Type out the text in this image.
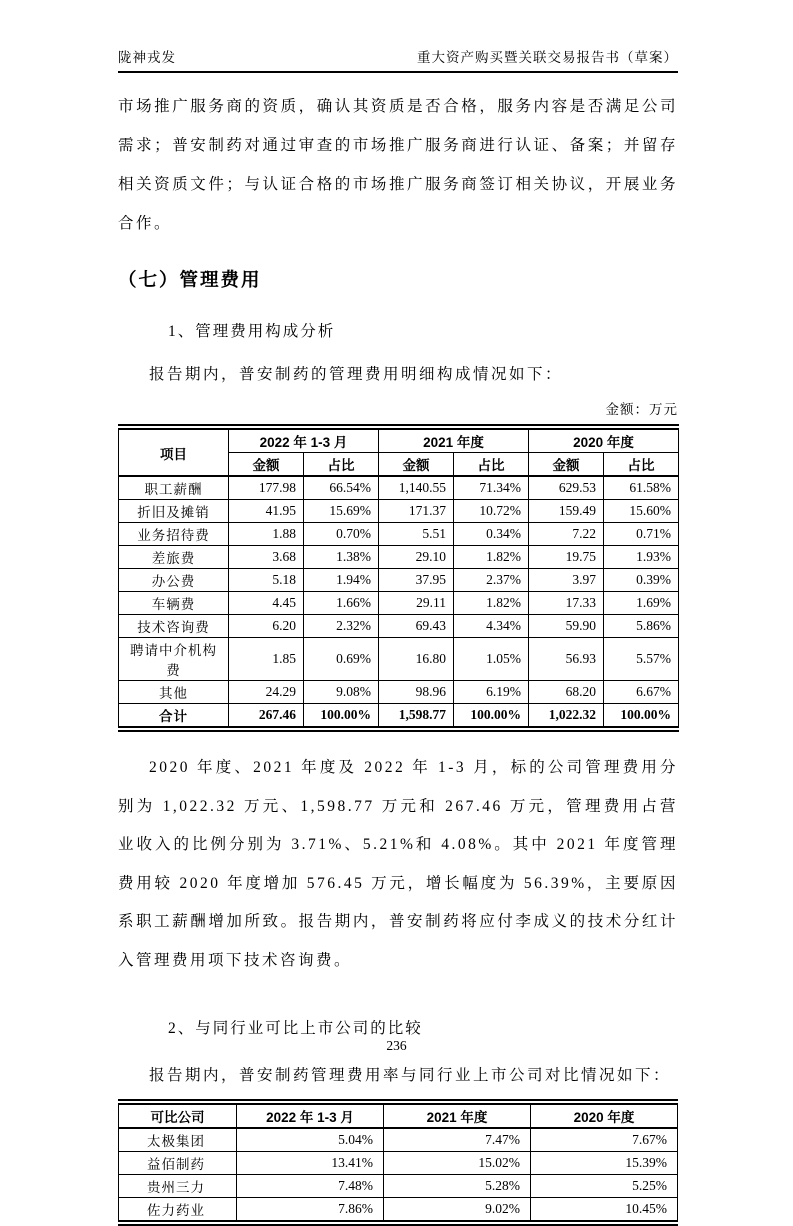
陇神戎发	重大资产购买暨关联交易报告书（草案）

市场推广服务商的资质，确认其资质是否合格，服务内容是否满足公司需求；普安制药对通过审查的市场推广服务商进行认证、备案；并留存相关资质文件；与认证合格的市场推广服务商签订相关协议，开展业务合作。

（七）管理费用

1、管理费用构成分析

报告期内，普安制药的管理费用明细构成情况如下：

金额：万元
项目	2022 年 1-3 月		2021 年度		2020 年度	
	金额	占比	金额	占比	金额	占比
职工薪酬	177.98	66.54%	1,140.55	71.34%	629.53	61.58%
折旧及摊销	41.95	15.69%	171.37	10.72%	159.49	15.60%
业务招待费	1.88	0.70%	5.51	0.34%	7.22	0.71%
差旅费	3.68	1.38%	29.10	1.82%	19.75	1.93%
办公费	5.18	1.94%	37.95	2.37%	3.97	0.39%
车辆费	4.45	1.66%	29.11	1.82%	17.33	1.69%
技术咨询费	6.20	2.32%	69.43	4.34%	59.90	5.86%
聘请中介机构费	1.85	0.69%	16.80	1.05%	56.93	5.57%
其他	24.29	9.08%	98.96	6.19%	68.20	6.67%
合计	267.46	100.00%	1,598.77	100.00%	1,022.32	100.00%

2020 年度、2021 年度及 2022 年 1-3 月，标的公司管理费用分别为 1,022.32 万元、1,598.77 万元和 267.46 万元，管理费用占营业收入的比例分别为 3.71%、5.21%和 4.08%。其中 2021 年度管理费用较 2020 年度增加 576.45 万元，增长幅度为 56.39%，主要原因系职工薪酬增加所致。报告期内，普安制药将应付李成义的技术分红计入管理费用项下技术咨询费。

2、与同行业可比上市公司的比较

报告期内，普安制药管理费用率与同行业上市公司对比情况如下：

可比公司	2022 年 1-3 月	2021 年度	2020 年度
太极集团	5.04%	7.47%	7.67%
益佰制药	13.41%	15.02%	15.39%
贵州三力	7.48%	5.28%	5.25%
佐力药业	7.86%	9.02%	10.45%
236
